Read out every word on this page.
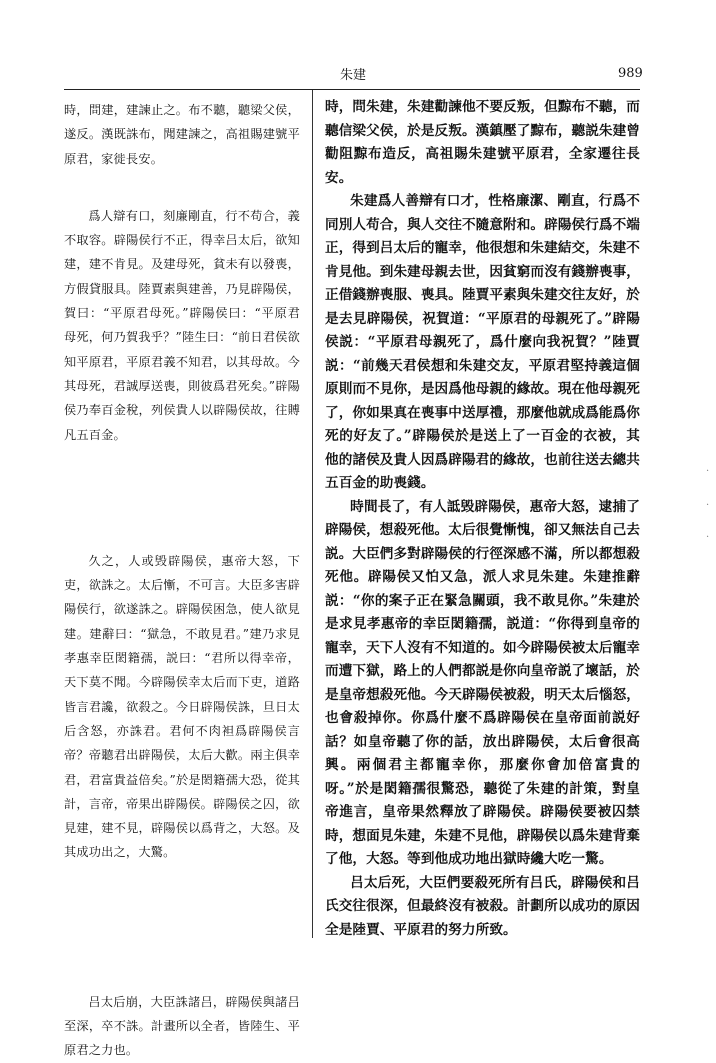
朱建	989

時，問建，建諫止之。布不聽，聽梁父侯，遂反。漢既誅布，聞建諫之，高祖賜建號平原君，家徙長安。

爲人辯有口，刻廉剛直，行不苟合，義不取容。辟陽侯行不正，得幸吕太后，欲知建，建不肯見。及建母死，貧未有以發喪，方假貸服具。陸賈素與建善，乃見辟陽侯，賀曰：“平原君母死。”辟陽侯曰：“平原君母死，何乃賀我乎？”陸生曰：“前日君侯欲知平原君，平原君義不知君，以其母故。今其母死，君誠厚送喪，則彼爲君死矣。”辟陽侯乃奉百金稅，列侯貴人以辟陽侯故，往賻凡五百金。

久之，人或毁辟陽侯，惠帝大怒，下吏，欲誅之。太后慚，不可言。大臣多害辟陽侯行，欲遂誅之。辟陽侯困急，使人欲見建。建辭曰：“獄急，不敢見君。”建乃求見孝惠幸臣閎籍孺，説曰：“君所以得幸帝，天下莫不聞。今辟陽侯幸太后而下吏，道路皆言君讒，欲殺之。今日辟陽侯誅，旦日太后含怒，亦誅君。君何不肉袒爲辟陽侯言帝？帝聽君出辟陽侯，太后大歡。兩主俱幸君，君富貴益倍矣。”於是閎籍孺大恐，從其計，言帝，帝果出辟陽侯。辟陽侯之囚，欲見建，建不見，辟陽侯以爲背之，大怒。及其成功出之，大驚。

吕太后崩，大臣誅諸吕，辟陽侯與諸吕至深，卒不誅。計畫所以全者，皆陸生、平原君之力也。

時，問朱建，朱建勸諫他不要反叛，但黥布不聽，而聽信梁父侯，於是反叛。漢鎮壓了黥布，聽説朱建曾勸阻黥布造反，高祖賜朱建號平原君，全家遷往長安。

朱建爲人善辯有口才，性格廉潔、剛直，行爲不同別人苟合，與人交往不隨意附和。辟陽侯行爲不端正，得到吕太后的寵幸，他很想和朱建結交，朱建不肯見他。到朱建母親去世，因貧窮而沒有錢辦喪事，正借錢辦喪服、喪具。陸賈平素與朱建交往友好，於是去見辟陽侯，祝賀道：“平原君的母親死了。”辟陽侯説：“平原君母親死了，爲什麼向我祝賀？”陸賈説：“前幾天君侯想和朱建交友，平原君堅持義這個原則而不見你，是因爲他母親的緣故。現在他母親死了，你如果真在喪事中送厚禮，那麼他就成爲能爲你死的好友了。”辟陽侯於是送上了一百金的衣被，其他的諸侯及貴人因爲辟陽君的緣故，也前往送去總共五百金的助喪錢。

時間長了，有人詆毁辟陽侯，惠帝大怒，逮捕了辟陽侯，想殺死他。太后很覺慚愧，卻又無法自己去説。大臣們多對辟陽侯的行徑深感不滿，所以都想殺死他。辟陽侯又怕又急，派人求見朱建。朱建推辭説：“你的案子正在緊急關頭，我不敢見你。”朱建於是求見孝惠帝的幸臣閎籍孺，説道：“你得到皇帝的寵幸，天下人沒有不知道的。如今辟陽侯被太后寵幸而遭下獄，路上的人們都説是你向皇帝説了壞話，於是皇帝想殺死他。今天辟陽侯被殺，明天太后惱怒，也會殺掉你。你爲什麼不爲辟陽侯在皇帝面前説好話？如皇帝聽了你的話，放出辟陽侯，太后會很高興。兩個君主都寵幸你，那麼你會加倍富貴的呀。”於是閎籍孺很驚恐，聽從了朱建的計策，對皇帝進言，皇帝果然釋放了辟陽侯。辟陽侯要被囚禁時，想面見朱建，朱建不見他，辟陽侯以爲朱建背棄了他，大怒。等到他成功地出獄時纔大吃一驚。

吕太后死，大臣們要殺死所有吕氏，辟陽侯和吕氏交往很深，但最終沒有被殺。計劃所以成功的原因全是陸賈、平原君的努力所致。

·
·
·
